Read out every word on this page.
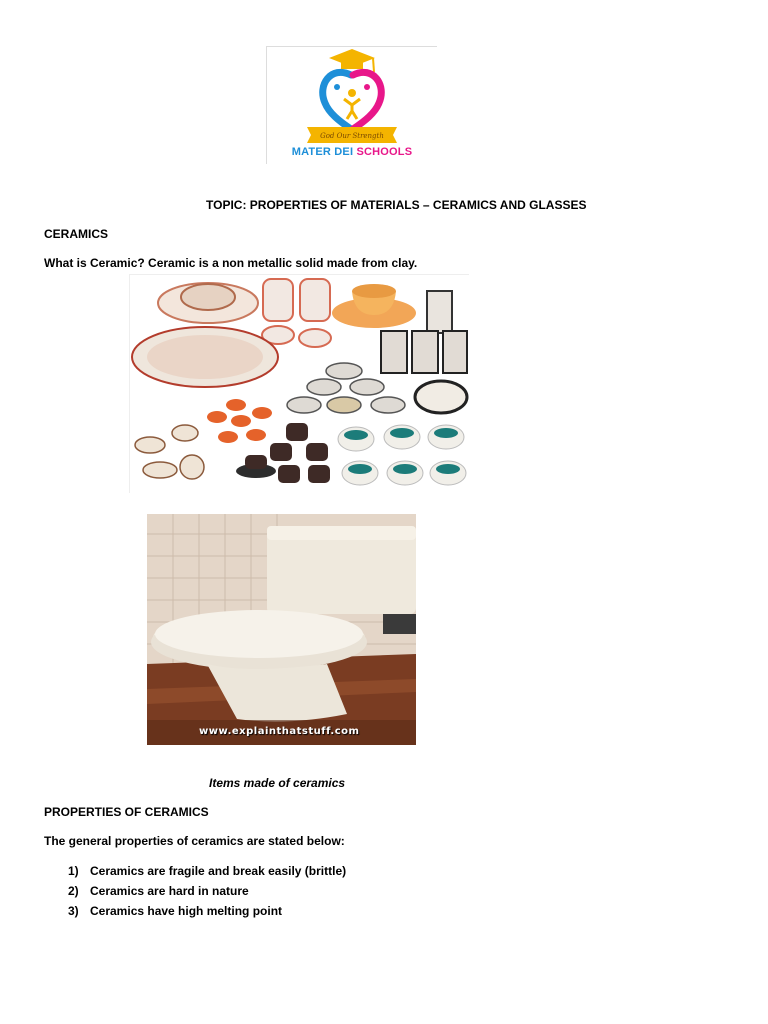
God Our Strength
MATER DEI SCHOOLS
TOPIC: PROPERTIES OF MATERIALS – CERAMICS AND GLASSES
CERAMICS
What is Ceramic? Ceramic is a non metallic solid made from clay.
www.explainthatstuff.com
Items made of ceramics
PROPERTIES OF CERAMICS
The general properties of ceramics are stated below:
1) Ceramics are fragile and break easily (brittle)
2) Ceramics are hard in nature
3) Ceramics have high melting point
